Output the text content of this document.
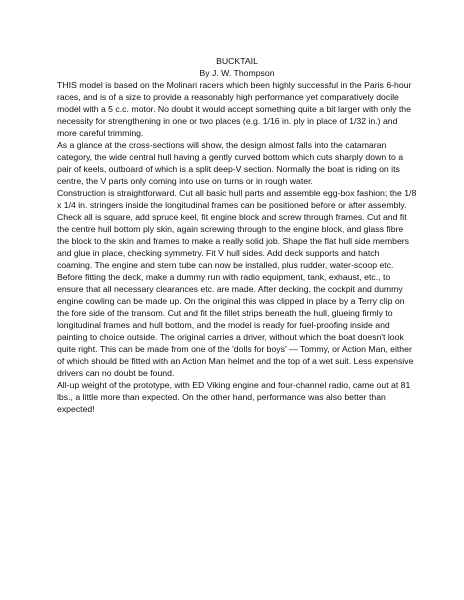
BUCKTAIL
By J. W. Thompson

THIS model is based on the Molinari racers which been highly successful in the Paris 6-hour races, and is of a size to provide a reasonably high performance yet comparatively docile model with a 5 c.c. motor. No doubt it would accept something quite a bit larger with only the necessity for strengthening in one or two places (e.g. 1/16 in. ply in place of 1/32 in.) and more careful trimming.

As a glance at the cross-sections will show, the design almost falls into the catamaran category, the wide central hull having a gently curved bottom which cuts sharply down to a pair of keels, outboard of which is a split deep-V section. Normally the boat is riding on its centre, the V parts only coming into use on turns or in rough water.

Construction is straightforward. Cut all basic hull parts and assemble egg-box fashion; the 1/8 x 1/4 in. stringers inside the longitudinal frames can be positioned before or after assembly. Check all is square, add spruce keel, fit engine block and screw through frames. Cut and fit the centre hull bottom ply skin, again screwing through to the engine block, and glass fibre the block to the skin and frames to make a really solid job. Shape the flat hull side members and glue in place, checking symmetry. Fit V hull sides. Add deck supports and hatch coaming. The engine and stern tube can now be installed, plus rudder, water-scoop etc. Before fitting the deck, make a dummy run with radio equipment, tank, exhaust, etc., to ensure that all necessary clearances etc. are made. After decking, the cockpit and dummy engine cowling can be made up. On the original this was clipped in place by a Terry clip on the fore side of the transom. Cut and fit the fillet strips beneath the hull, glueing firmly to longitudinal frames and hull bottom, and the model is ready for fuel-proofing inside and painting to choice outside. The original carries a driver, without which the boat doesn't look quite right. This can be made from one of the 'dolls for boys' — Tommy, or Action Man, either of which should be fitted with an Action Man helmet and the top of a wet suit. Less expensive drivers can no doubt be found.

All-up weight of the prototype, with ED Viking engine and four-channel radio, came out at 81 lbs., a little more than expected. On the other hand, performance was also better than expected!
